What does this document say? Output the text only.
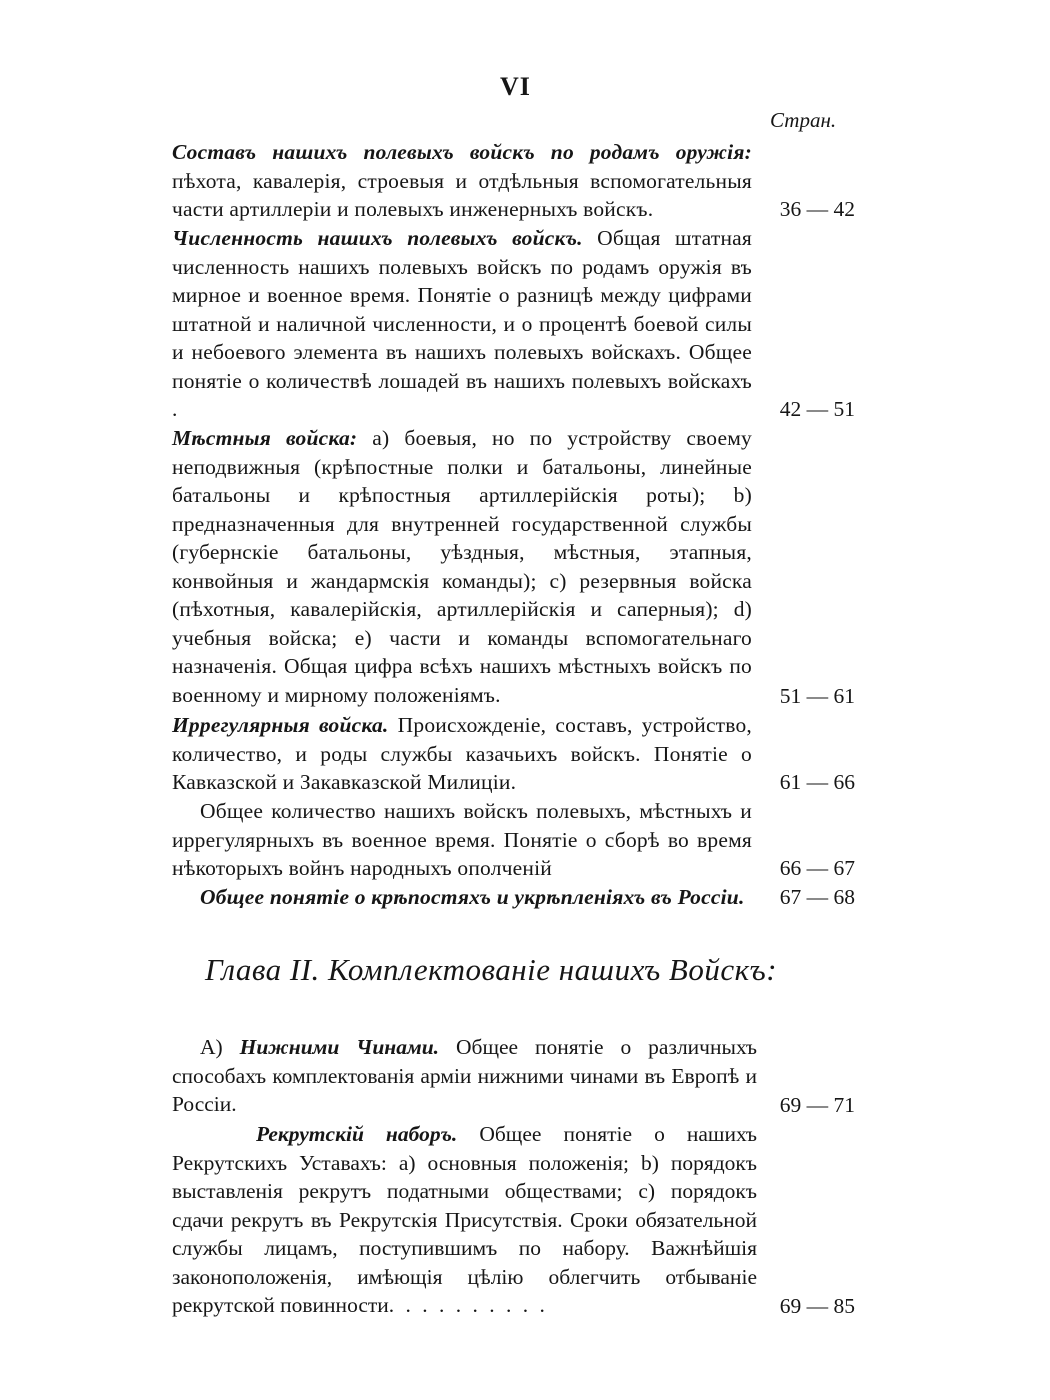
VI
Стран.
Составъ нашихъ полевыхъ войскъ по родамъ оружія: пѣхота, кавалерія, строевыя и отдѣльныя вспомогательныя части артиллеріи и полевыхъ инженерныхъ войскъ.	36 — 42
Численность нашихъ полевыхъ войскъ. Общая штатная численность нашихъ полевыхъ войскъ по родамъ оружія въ мирное и военное время. Понятіе о разницѣ между цифрами штатной и наличной численности, и о процентѣ боевой силы и небоевого элемента въ нашихъ полевыхъ войскахъ. Общее понятіе о количествѣ лошадей въ нашихъ полевыхъ войскахъ .	42 — 51
Мѣстныя войска: а) боевыя, но по устройству своему неподвижныя (крѣпостные полки и батальоны, линейные батальоны и крѣпостныя артиллерійскія роты); b) предназначенныя для внутренней государственной службы (губернскіе батальоны, уѣздныя, мѣстныя, этапныя, конвойныя и жандармскія команды); c) резервныя войска (пѣхотныя, кавалерійскія, артиллерійскія и саперныя); d) учебныя войска; e) части и команды вспомогательнаго назначенія. Общая цифра всѣхъ нашихъ мѣстныхъ войскъ по военному и мирному положеніямъ.	51 — 61
Иррегулярныя войска. Происхожденіе, составъ, устройство, количество, и роды службы казачьихъ войскъ. Понятіе о Кавказской и Закавказской Милиціи.	61 — 66
Общее количество нашихъ войскъ полевыхъ, мѣстныхъ и иррегулярныхъ въ военное время. Понятіе о сборѣ во время нѣкоторыхъ войнъ народныхъ ополченій	66 — 67
Общее понятіе о крѣпостяхъ и укрѣпленіяхъ въ Россіи.	67 — 68
Глава II. Комплектованіе нашихъ Войскъ:
А) Нижними Чинами. Общее понятіе о различныхъ способахъ комплектованія арміи нижними чинами въ Европѣ и Россіи.	69 — 71
Рекрутскій наборъ. Общее понятіе о нашихъ Рекрутскихъ Уставахъ: а) основныя положенія; b) порядокъ выставленія рекрутъ податными обществами; c) порядокъ сдачи рекрутъ въ Рекрутскія Присутствія. Сроки обязательной службы лицамъ, поступившимъ по набору. Важнѣйшія законоположенія, имѣющія цѣлію облегчить отбываніе рекрутской повинности. . . . . . . . . .	69 — 85
